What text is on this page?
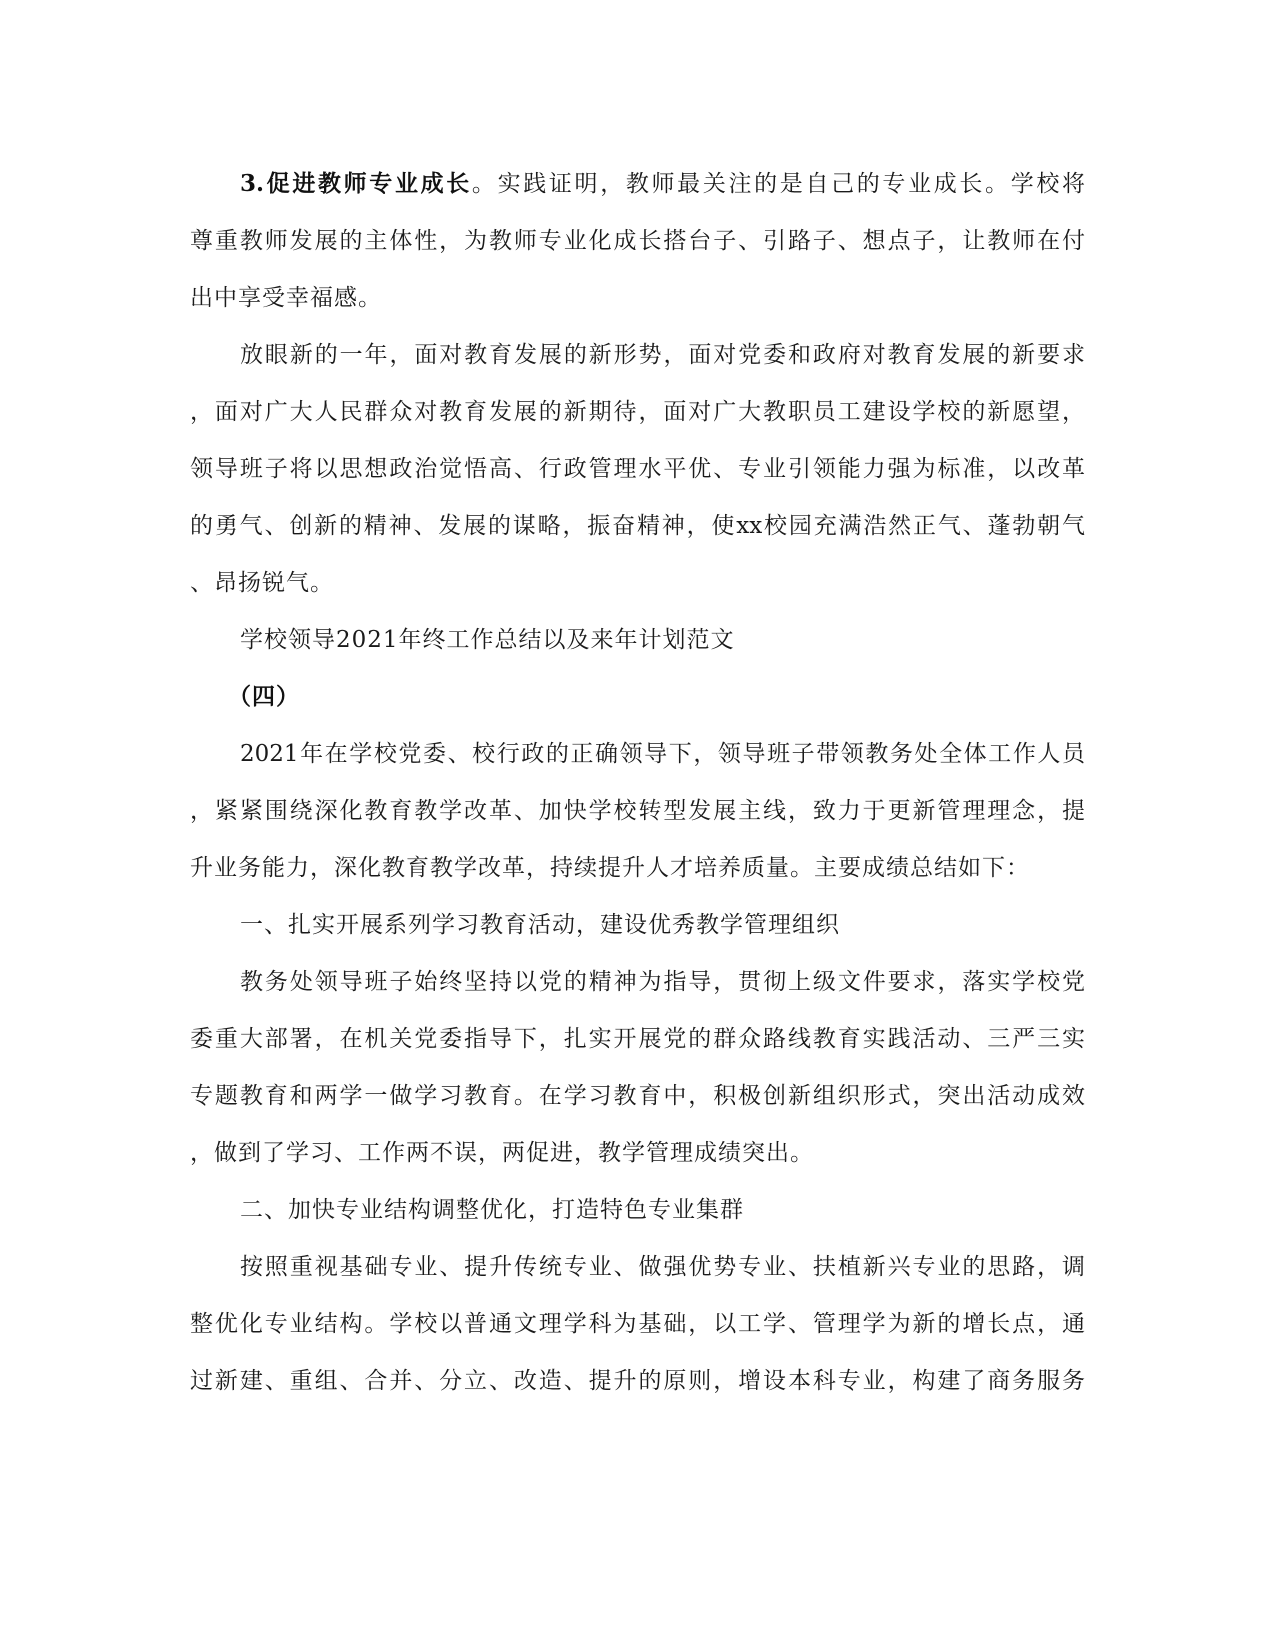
3.促进教师专业成长。实践证明，教师最关注的是自己的专业成长。学校将
尊重教师发展的主体性，为教师专业化成长搭台子、引路子、想点子，让教师在付
出中享受幸福感。
放眼新的一年，面对教育发展的新形势，面对党委和政府对教育发展的新要求
，面对广大人民群众对教育发展的新期待，面对广大教职员工建设学校的新愿望，
领导班子将以思想政治觉悟高、行政管理水平优、专业引领能力强为标准，以改革
的勇气、创新的精神、发展的谋略，振奋精神，使xx校园充满浩然正气、蓬勃朝气
、昂扬锐气。
学校领导2021年终工作总结以及来年计划范文
（四）
2021年在学校党委、校行政的正确领导下，领导班子带领教务处全体工作人员
，紧紧围绕深化教育教学改革、加快学校转型发展主线，致力于更新管理理念，提
升业务能力，深化教育教学改革，持续提升人才培养质量。主要成绩总结如下：
一、扎实开展系列学习教育活动，建设优秀教学管理组织
教务处领导班子始终坚持以党的精神为指导，贯彻上级文件要求，落实学校党
委重大部署，在机关党委指导下，扎实开展党的群众路线教育实践活动、三严三实
专题教育和两学一做学习教育。在学习教育中，积极创新组织形式，突出活动成效
，做到了学习、工作两不误，两促进，教学管理成绩突出。
二、加快专业结构调整优化，打造特色专业集群
按照重视基础专业、提升传统专业、做强优势专业、扶植新兴专业的思路，调
整优化专业结构。学校以普通文理学科为基础，以工学、管理学为新的增长点，通
过新建、重组、合并、分立、改造、提升的原则，增设本科专业，构建了商务服务
